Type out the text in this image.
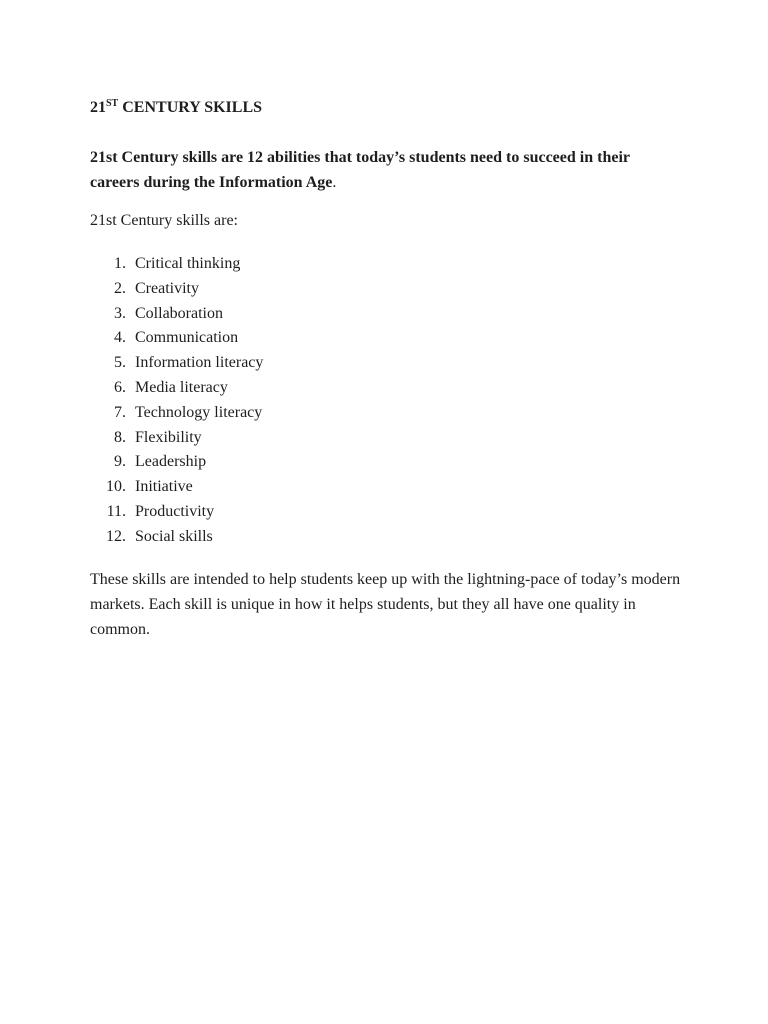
21ST CENTURY SKILLS

21st Century skills are 12 abilities that today’s students need to succeed in their careers during the Information Age.

21st Century skills are:

1. Critical thinking
2. Creativity
3. Collaboration
4. Communication
5. Information literacy
6. Media literacy
7. Technology literacy
8. Flexibility
9. Leadership
10. Initiative
11. Productivity
12. Social skills

These skills are intended to help students keep up with the lightning-pace of today’s modern markets. Each skill is unique in how it helps students, but they all have one quality in common.
